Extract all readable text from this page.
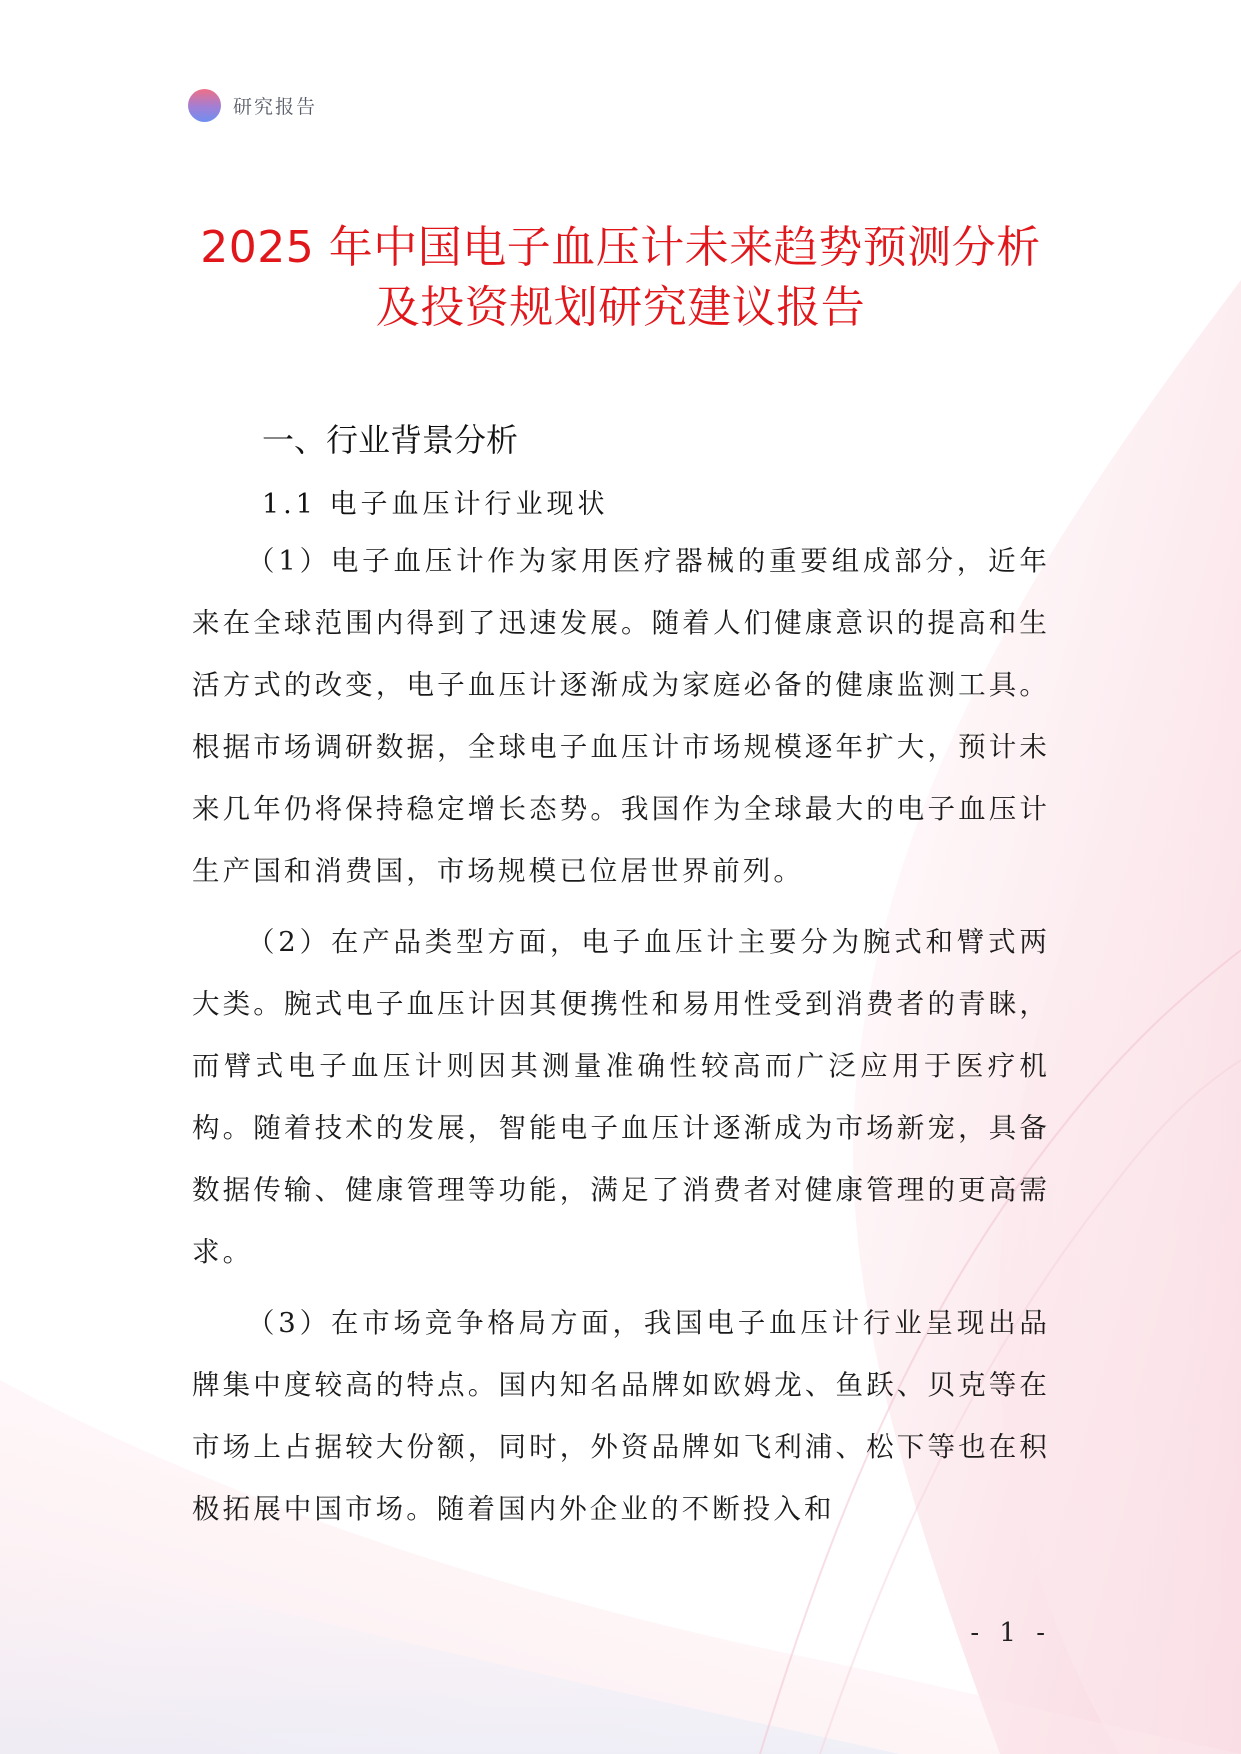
研究报告
2025 年中国电子血压计未来趋势预测分析
及投资规划研究建议报告
一、行业背景分析
1.1 电子血压计行业现状

（1）电子血压计作为家用医疗器械的重要组成部分，近年来在全球范围内得到了迅速发展。随着人们健康意识的提高和生活方式的改变，电子血压计逐渐成为家庭必备的健康监测工具。根据市场调研数据，全球电子血压计市场规模逐年扩大，预计未来几年仍将保持稳定增长态势。我国作为全球最大的电子血压计生产国和消费国，市场规模已位居世界前列。

（2）在产品类型方面，电子血压计主要分为腕式和臂式两大类。腕式电子血压计因其便携性和易用性受到消费者的青睐，而臂式电子血压计则因其测量准确性较高而广泛应用于医疗机构。随着技术的发展，智能电子血压计逐渐成为市场新宠，具备数据传输、健康管理等功能，满足了消费者对健康管理的更高需求。

（3）在市场竞争格局方面，我国电子血压计行业呈现出品牌集中度较高的特点。国内知名品牌如欧姆龙、鱼跃、贝克等在市场上占据较大份额，同时，外资品牌如飞利浦、松下等也在积极拓展中国市场。随着国内外企业的不断投入和

- 1 -
